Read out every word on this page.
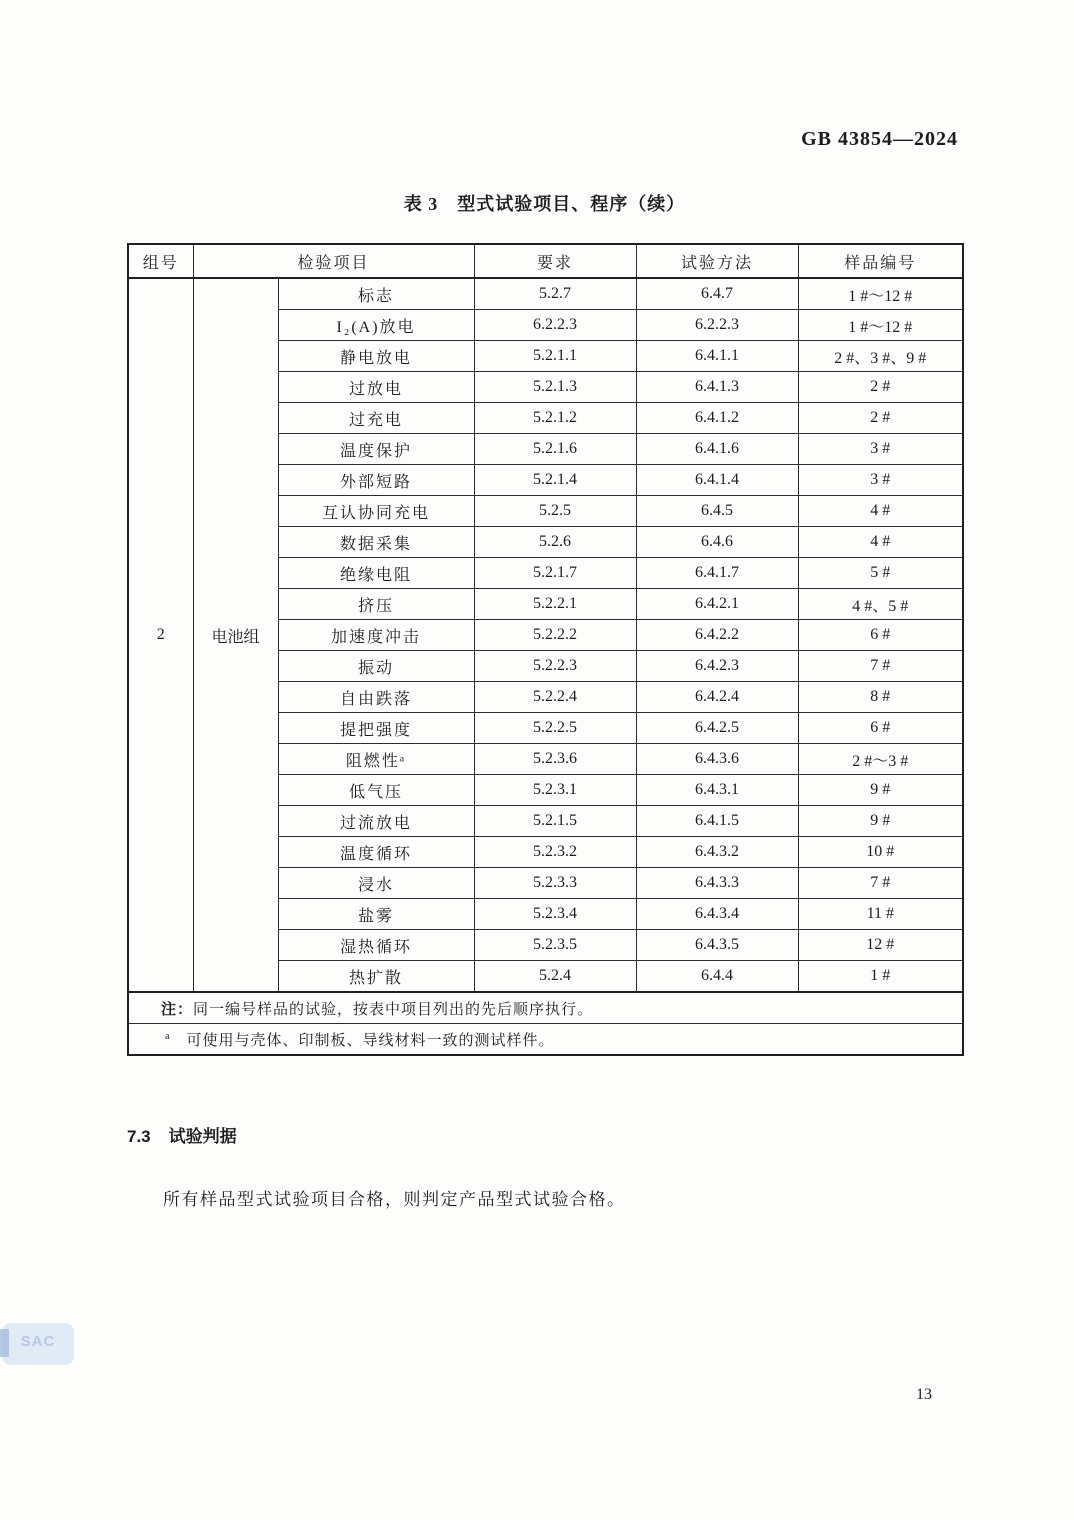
GB 43854—2024
表 3　型式试验项目、程序（续）
组号	检验项目		要求	试验方法	样品编号
2	电池组	标志	5.2.7	6.4.7	1 #～12 #
		I₂(A)放电	6.2.2.3	6.2.2.3	1 #～12 #
		静电放电	5.2.1.1	6.4.1.1	2 #、3 #、9 #
		过放电	5.2.1.3	6.4.1.3	2 #
		过充电	5.2.1.2	6.4.1.2	2 #
		温度保护	5.2.1.6	6.4.1.6	3 #
		外部短路	5.2.1.4	6.4.1.4	3 #
		互认协同充电	5.2.5	6.4.5	4 #
		数据采集	5.2.6	6.4.6	4 #
		绝缘电阻	5.2.1.7	6.4.1.7	5 #
		挤压	5.2.2.1	6.4.2.1	4 #、5 #
		加速度冲击	5.2.2.2	6.4.2.2	6 #
		振动	5.2.2.3	6.4.2.3	7 #
		自由跌落	5.2.2.4	6.4.2.4	8 #
		提把强度	5.2.2.5	6.4.2.5	6 #
		阻燃性ᵃ	5.2.3.6	6.4.3.6	2 #～3 #
		低气压	5.2.3.1	6.4.3.1	9 #
		过流放电	5.2.1.5	6.4.1.5	9 #
		温度循环	5.2.3.2	6.4.3.2	10 #
		浸水	5.2.3.3	6.4.3.3	7 #
		盐雾	5.2.3.4	6.4.3.4	11 #
		湿热循环	5.2.3.5	6.4.3.5	12 #
		热扩散	5.2.4	6.4.4	1 #
注：同一编号样品的试验，按表中项目列出的先后顺序执行。					
$^a$　 可使用与壳体、印制板、导线材料一致的测试样件。					
7.3 试验判据

所有样品型式试验项目合格，则判定产品型式试验合格。

SAC
13
